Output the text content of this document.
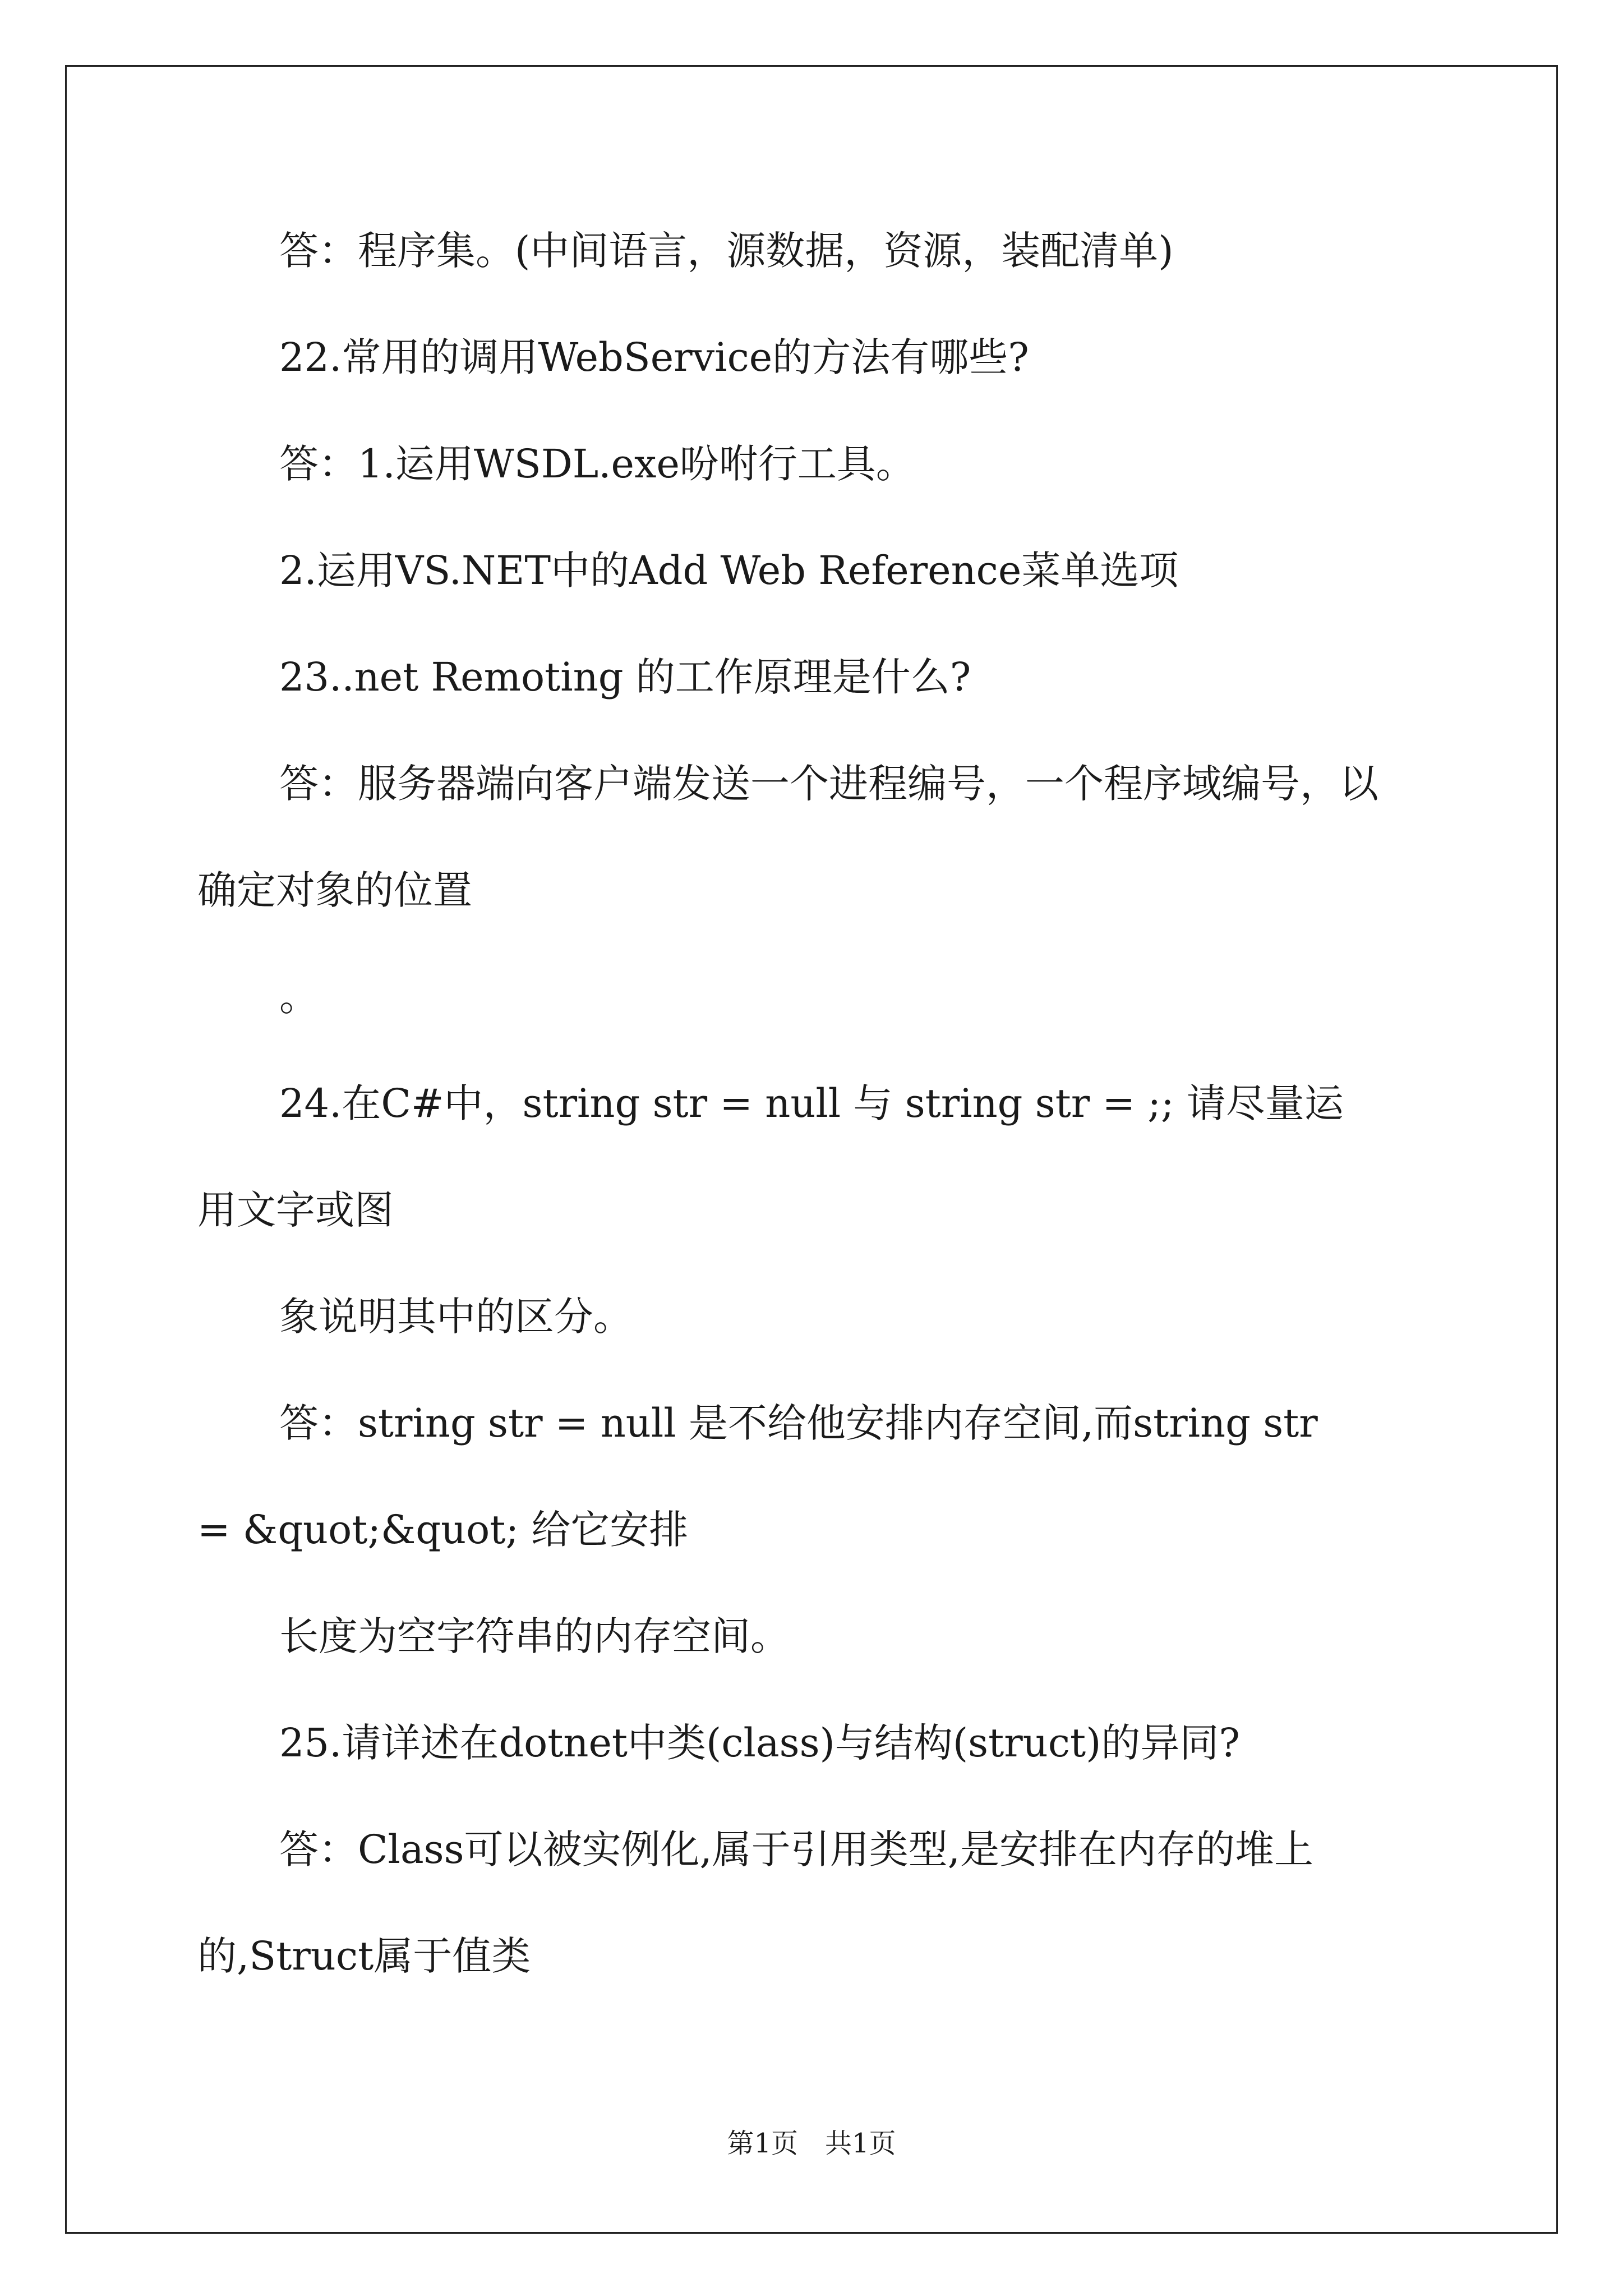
答：程序集。(中间语言，源数据，资源，装配清单)
22.常用的调用WebService的方法有哪些?
答：1.运用WSDL.exe吩咐行工具。
2.运用VS.NET中的Add Web Reference菜单选项
23..net Remoting 的工作原理是什么?
答：服务器端向客户端发送一个进程编号，一个程序域编号，以
确定对象的位置
。
24.在C#中，string str = null 与 string str = ;; 请尽量运
用文字或图
象说明其中的区分。
答：string str = null 是不给他安排内存空间,而string str
= &quot;&quot; 给它安排
长度为空字符串的内存空间。
25.请详述在dotnet中类(class)与结构(struct)的异同?
答：Class可以被实例化,属于引用类型,是安排在内存的堆上
的,Struct属于值类
第1页　共1页
